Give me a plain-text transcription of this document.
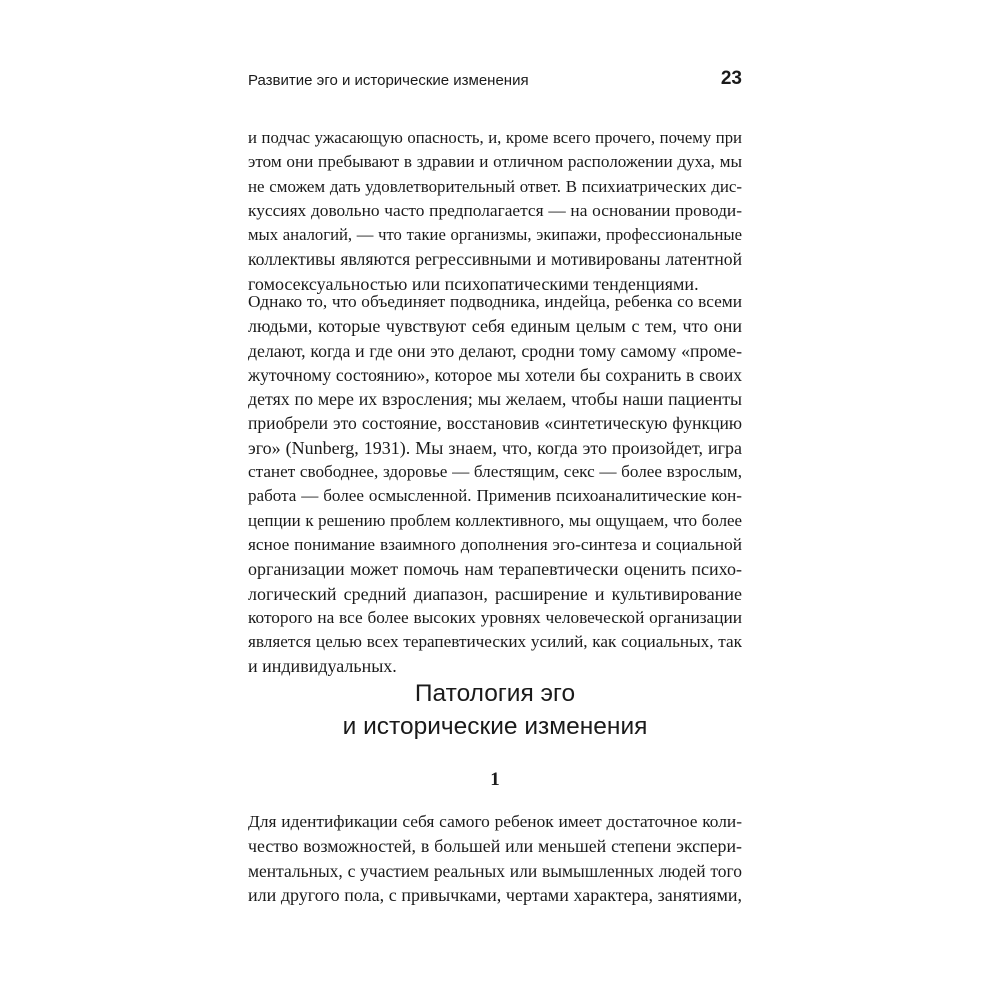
Развитие эго и исторические изменения	23
и подчас ужасающую опасность, и, кроме всего прочего, почему при
этом они пребывают в здравии и отличном расположении духа, мы
не сможем дать удовлетворительный ответ. В психиатрических дис-
куссиях довольно часто предполагается — на основании проводи-
мых аналогий, — что такие организмы, экипажи, профессиональные
коллективы являются регрессивными и мотивированы латентной
гомосексуальностью или психопатическими тенденциями.
Однако то, что объединяет подводника, индейца, ребенка со всеми
людьми, которые чувствуют себя единым целым с тем, что они
делают, когда и где они это делают, сродни тому самому «проме-
жуточному состоянию», которое мы хотели бы сохранить в своих
детях по мере их взросления; мы желаем, чтобы наши пациенты
приобрели это состояние, восстановив «синтетическую функцию
эго» (Nunberg, 1931). Мы знаем, что, когда это произойдет, игра
станет свободнее, здоровье — блестящим, секс — более взрослым,
работа — более осмысленной. Применив психоаналитические кон-
цепции к решению проблем коллективного, мы ощущаем, что более
ясное понимание взаимного дополнения эго-синтеза и социальной
организации может помочь нам терапевтически оценить психо-
логический средний диапазон, расширение и культивирование
которого на все более высоких уровнях человеческой организации
является целью всех терапевтических усилий, как социальных, так
и индивидуальных.
Патология эго
и исторические изменения
1
Для идентификации себя самого ребенок имеет достаточное коли-
чество возможностей, в большей или меньшей степени экспери-
ментальных, с участием реальных или вымышленных людей того
или другого пола, с привычками, чертами характера, занятиями,
